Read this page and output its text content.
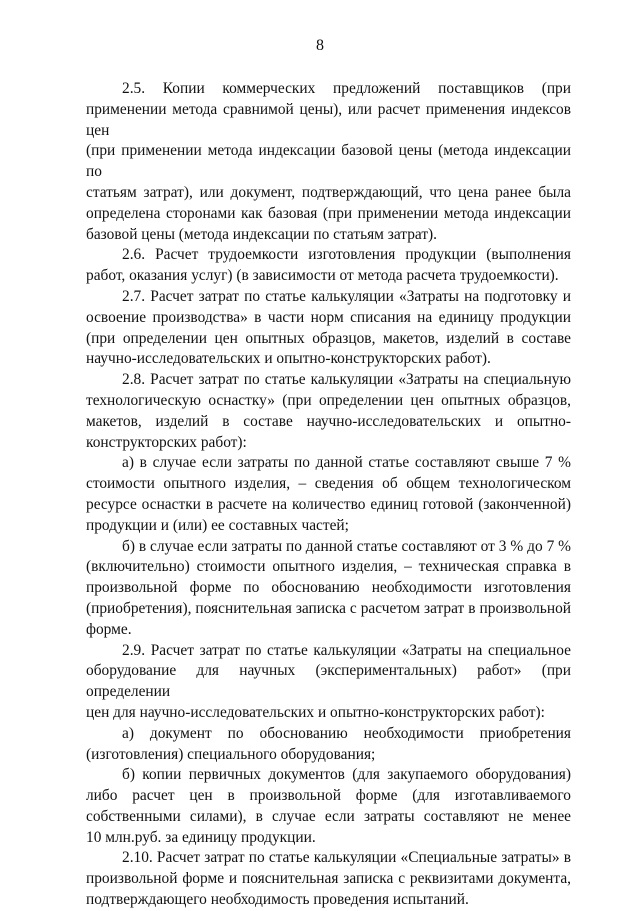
8

2.5. Копии коммерческих предложений поставщиков (при
применении метода сравнимой цены), или расчет применения индексов цен
(при применении метода индексации базовой цены (метода индексации по
статьям затрат), или документ, подтверждающий, что цена ранее была
определена сторонами как базовая (при применении метода индексации
базовой цены (метода индексации по статьям затрат).

2.6. Расчет трудоемкости изготовления продукции (выполнения
работ, оказания услуг) (в зависимости от метода расчета трудоемкости).

2.7. Расчет затрат по статье калькуляции «Затраты на подготовку и
освоение производства» в части норм списания на единицу продукции
(при определении цен опытных образцов, макетов, изделий в составе
научно-исследовательских и опытно-конструкторских работ).

2.8. Расчет затрат по статье калькуляции «Затраты на специальную
технологическую оснастку» (при определении цен опытных образцов,
макетов, изделий в составе научно-исследовательских и опытно-
конструкторских работ):

а) в случае если затраты по данной статье составляют свыше 7 %
стоимости опытного изделия, – сведения об общем технологическом
ресурсе оснастки в расчете на количество единиц готовой (законченной)
продукции и (или) ее составных частей;

б) в случае если затраты по данной статье составляют от 3 % до 7 %
(включительно) стоимости опытного изделия, – техническая справка в
произвольной форме по обоснованию необходимости изготовления
(приобретения), пояснительная записка с расчетом затрат в произвольной
форме.

2.9. Расчет затрат по статье калькуляции «Затраты на специальное
оборудование для научных (экспериментальных) работ» (при определении
цен для научно-исследовательских и опытно-конструкторских работ):

а) документ по обоснованию необходимости приобретения
(изготовления) специального оборудования;

б) копии первичных документов (для закупаемого оборудования)
либо расчет цен в произвольной форме (для изготавливаемого
собственными силами), в случае если затраты составляют не менее
10 млн.руб. за единицу продукции.

2.10. Расчет затрат по статье калькуляции «Специальные затраты» в
произвольной форме и пояснительная записка с реквизитами документа,
подтверждающего необходимость проведения испытаний.
